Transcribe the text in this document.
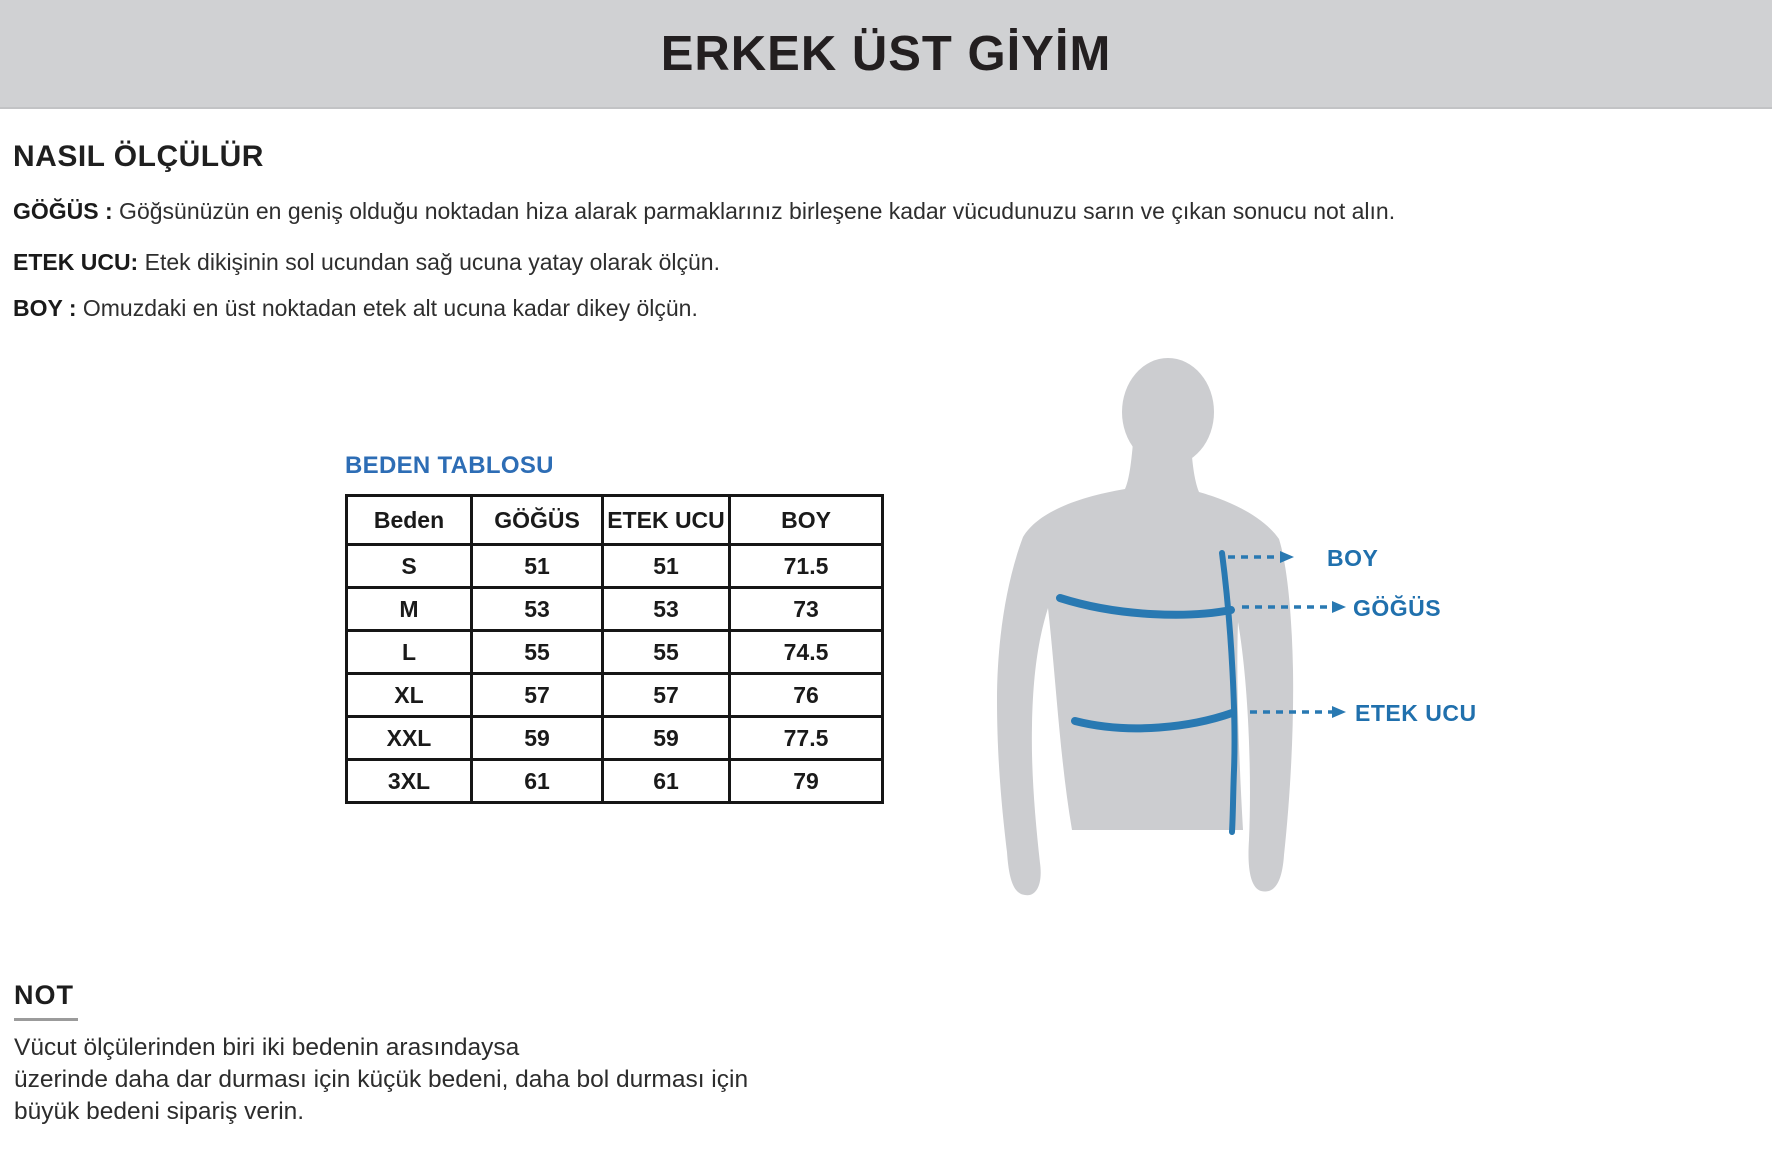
ERKEK ÜST GİYİM
NASIL ÖLÇÜLÜR
GÖĞÜS : Göğsünüzün en geniş olduğu noktadan hiza alarak parmaklarınız birleşene kadar vücudunuzu sarın ve çıkan sonucu not alın.
ETEK UCU: Etek dikişinin sol ucundan sağ ucuna yatay olarak ölçün.
BOY : Omuzdaki en üst noktadan etek alt ucuna kadar dikey ölçün.
BEDEN TABLOSU
Beden	GÖĞÜS	ETEK UCU	BOY
S	51	51	71.5
M	53	53	73
L	55	55	74.5
XL	57	57	76
XXL	59	59	77.5
3XL	61	61	79
BOY
GÖĞÜS
ETEK UCU
NOT
Vücut ölçülerinden biri iki bedenin arasındaysa
üzerinde daha dar durması için küçük bedeni, daha bol durması için
büyük bedeni sipariş verin.
